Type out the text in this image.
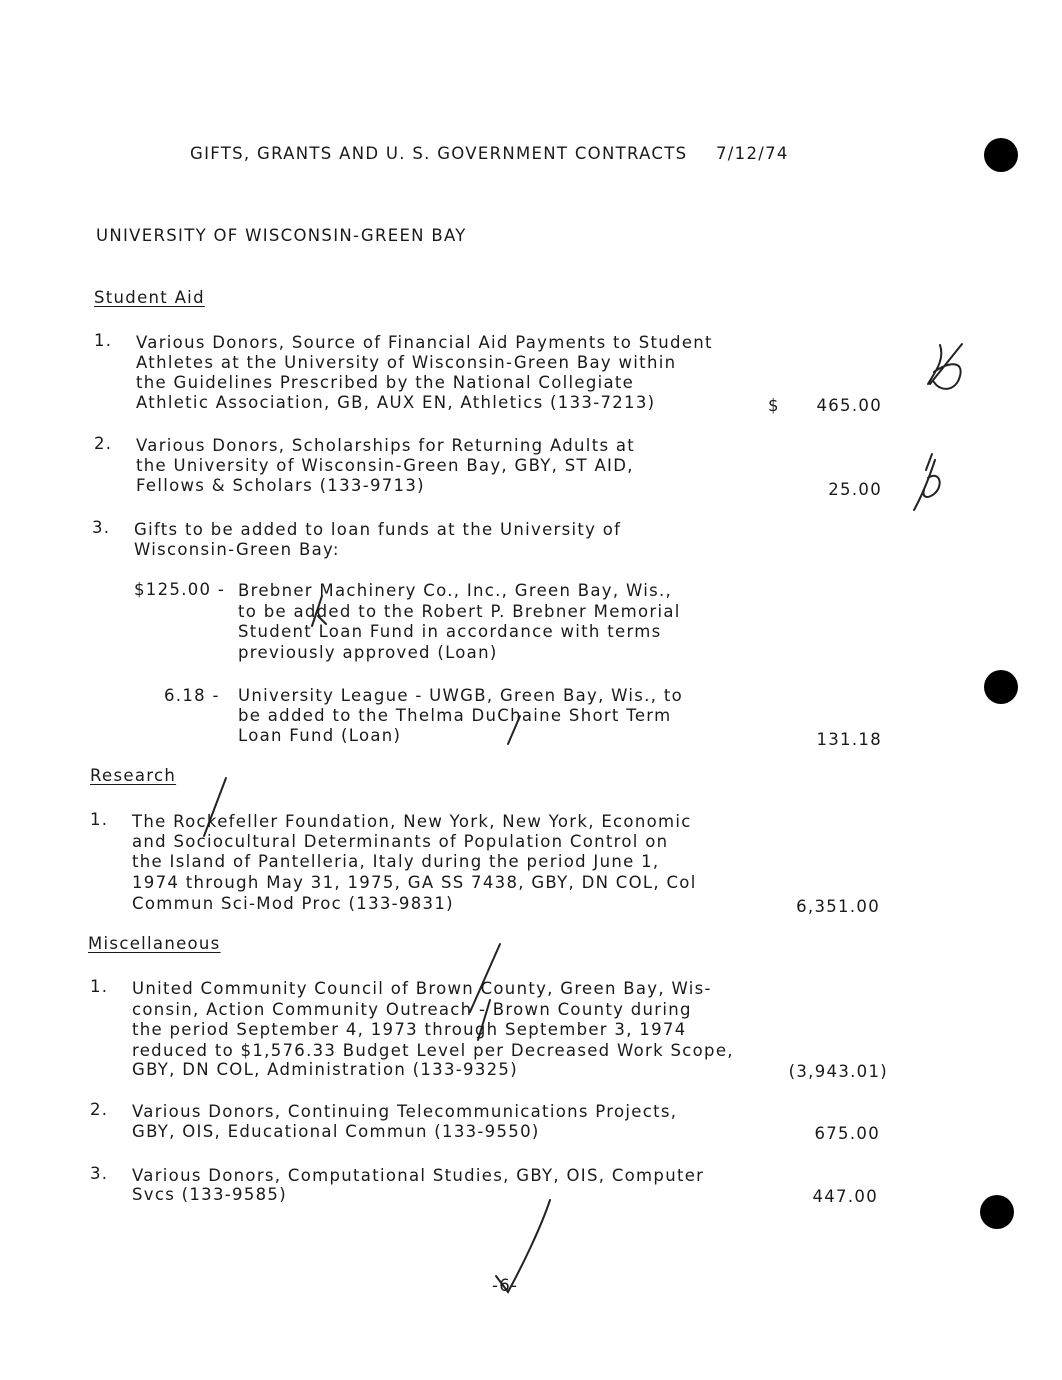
GIFTS, GRANTS AND U. S. GOVERNMENT CONTRACTS 7/12/74
UNIVERSITY OF WISCONSIN-GREEN BAY
Student Aid
1. Various Donors, Source of Financial Aid Payments to Student
Athletes at the University of Wisconsin-Green Bay within
the Guidelines Prescribed by the National Collegiate
Athletic Association, GB, AUX EN, Athletics (133-7213)	$ 465.00
2. Various Donors, Scholarships for Returning Adults at
the University of Wisconsin-Green Bay, GBY, ST AID,
Fellows & Scholars (133-9713)	25.00
3. Gifts to be added to loan funds at the University of
Wisconsin-Green Bay:
$125.00 - Brebner Machinery Co., Inc., Green Bay, Wis.,
to be added to the Robert P. Brebner Memorial
Student Loan Fund in accordance with terms
previously approved (Loan)
6.18 - University League - UWGB, Green Bay, Wis., to
be added to the Thelma DuChaine Short Term
Loan Fund (Loan)	131.18
Research
1. The Rockefeller Foundation, New York, New York, Economic
and Sociocultural Determinants of Population Control on
the Island of Pantelleria, Italy during the period June 1,
1974 through May 31, 1975, GA SS 7438, GBY, DN COL, Col
Commun Sci-Mod Proc (133-9831)	6,351.00
Miscellaneous
1. United Community Council of Brown County, Green Bay, Wis-
consin, Action Community Outreach - Brown County during
the period September 4, 1973 through September 3, 1974
reduced to $1,576.33 Budget Level per Decreased Work Scope,
GBY, DN COL, Administration (133-9325)	(3,943.01)
2. Various Donors, Continuing Telecommunications Projects,
GBY, OIS, Educational Commun (133-9550)	675.00
3. Various Donors, Computational Studies, GBY, OIS, Computer
Svcs (133-9585)	447.00
-6-
